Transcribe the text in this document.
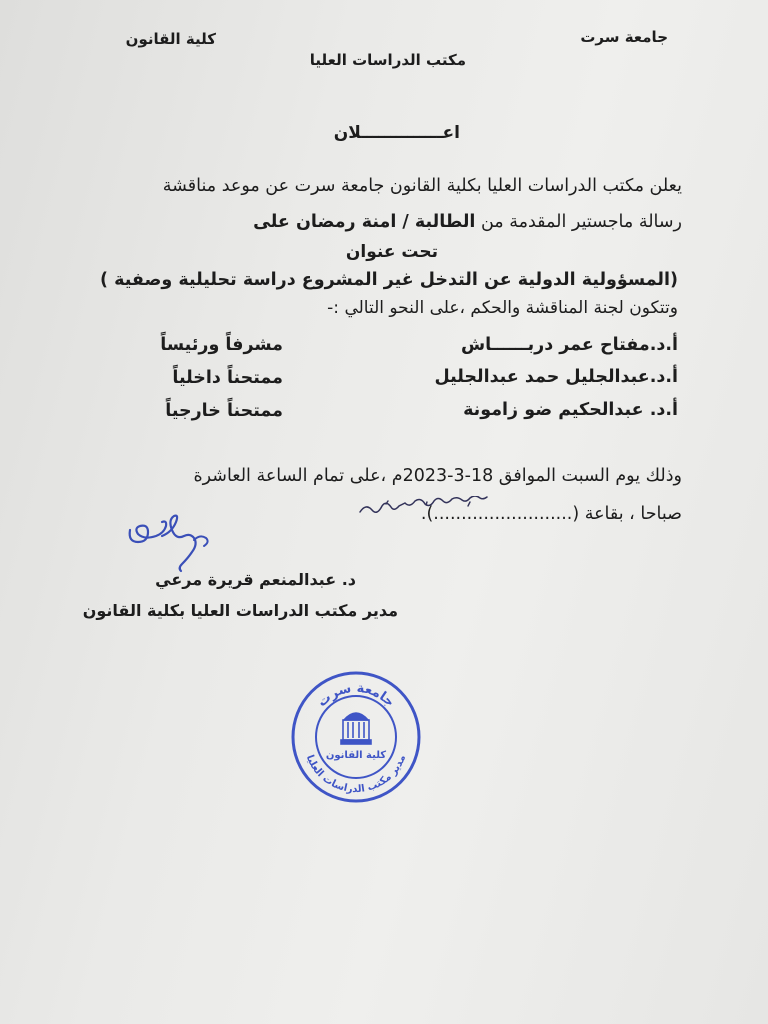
جامعة سرت
كلية القانون
مكتب الدراسات العليا
اعــــــــــــــلان
يعلن مكتب الدراسات العليا بكلية القانون جامعة سرت عن موعد مناقشة
رسالة ماجستير المقدمة من الطالبة / امنة رمضان على
تحت عنوان
(المسؤولية الدولية عن التدخل غير المشروع دراسة تحليلية وصفية )
وتتكون لجنة المناقشة والحكم ،على النحو التالي :-
أ.د.مفتاح عمر دربــــــاش
مشرفاً ورئيساً
أ.د.عبدالجليل حمد عبدالجليل
ممتحناً داخلياً
أ.د. عبدالحكيم ضو زامونة
ممتحناً خارجياً
وذلك يوم السبت الموافق 18-3-2023م ،على تمام الساعة العاشرة
صباحا ، بقاعة (.........................).
د. عبدالمنعم قريرة مرعي
مدير مكتب الدراسات العليا بكلية القانون
جامعة سرت
مدير مكتب الدراسات العليا
كلية القانون
